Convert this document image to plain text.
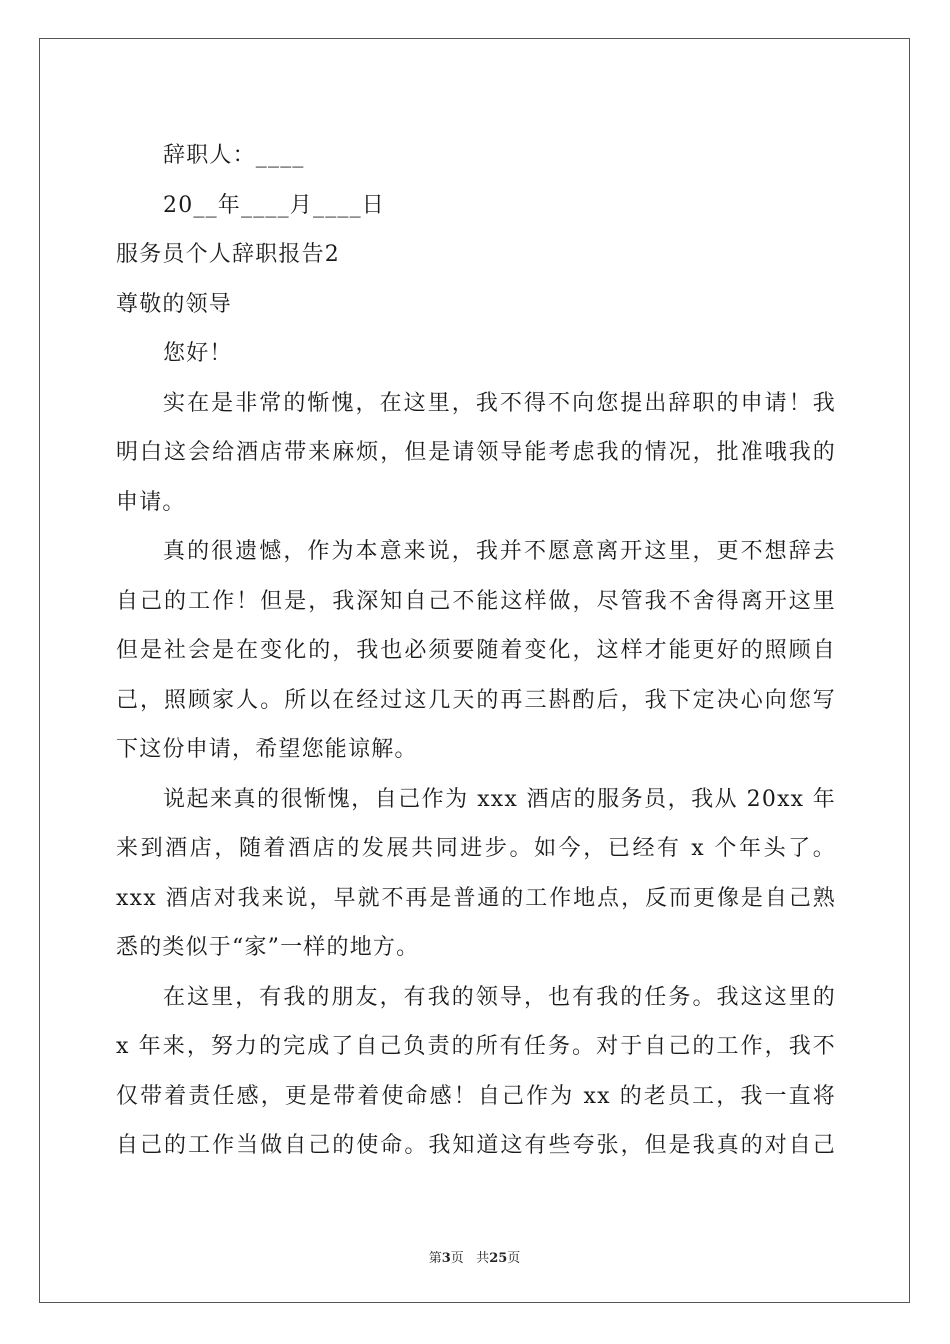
辞职人：____
20__年____月____日
服务员个人辞职报告2
尊敬的领导
您好！
实在是非常的惭愧，在这里，我不得不向您提出辞职的申请！我
明白这会给酒店带来麻烦，但是请领导能考虑我的情况，批准哦我的
申请。
真的很遗憾，作为本意来说，我并不愿意离开这里，更不想辞去
自己的工作！但是，我深知自己不能这样做，尽管我不舍得离开这里
但是社会是在变化的，我也必须要随着变化，这样才能更好的照顾自
己，照顾家人。所以在经过这几天的再三斟酌后，我下定决心向您写
下这份申请，希望您能谅解。
说起来真的很惭愧，自己作为 xxx 酒店的服务员，我从 20xx 年
来到酒店，随着酒店的发展共同进步。如今，已经有 x 个年头了。
xxx 酒店对我来说，早就不再是普通的工作地点，反而更像是自己熟
悉的类似于“家”一样的地方。
在这里，有我的朋友，有我的领导，也有我的任务。我这这里的
x 年来，努力的完成了自己负责的所有任务。对于自己的工作，我不
仅带着责任感，更是带着使命感！自己作为 xx 的老员工，我一直将
自己的工作当做自己的使命。我知道这有些夸张，但是我真的对自己
第3页 共25页
